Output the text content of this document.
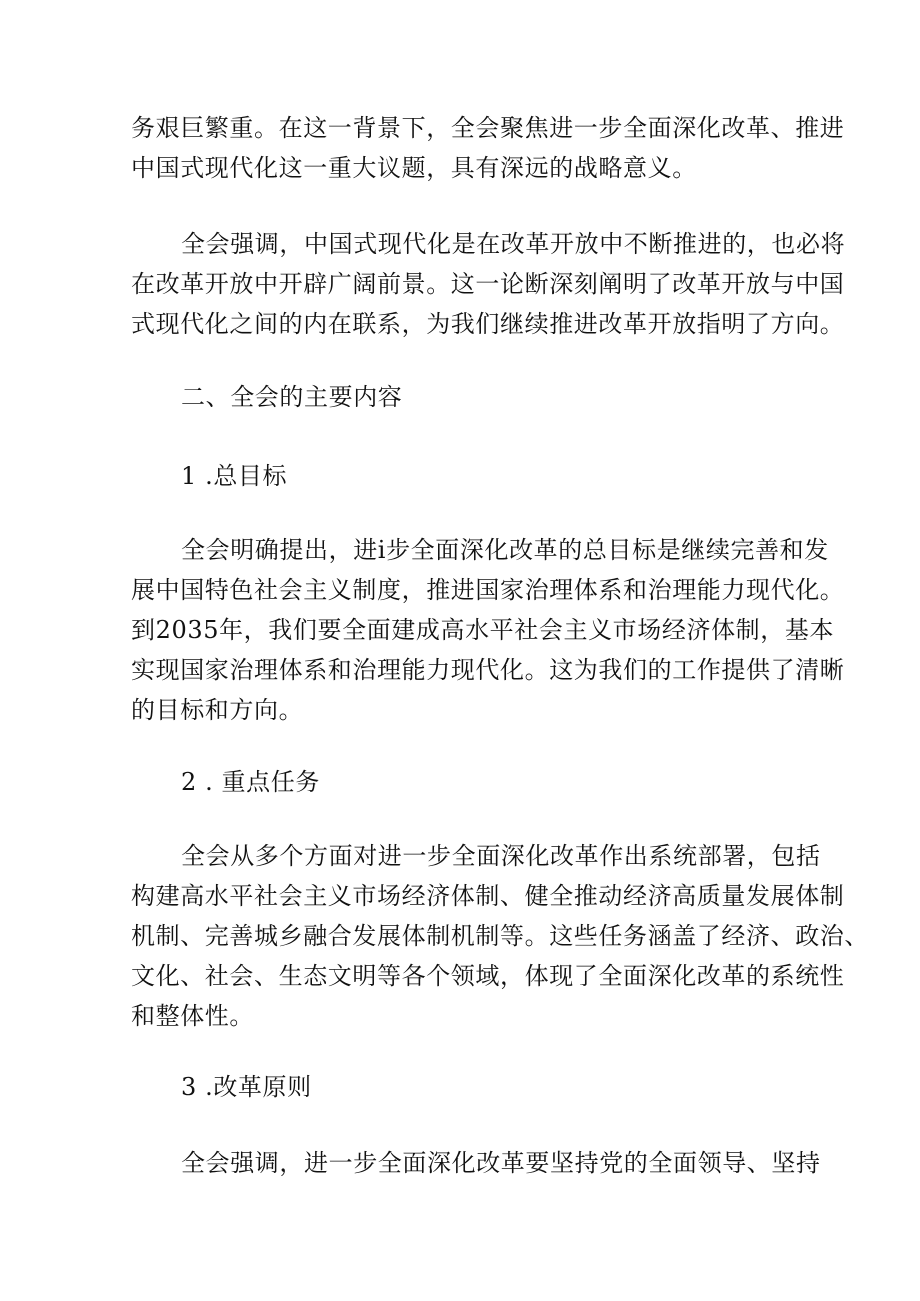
务艰巨繁重。在这一背景下，全会聚焦进一步全面深化改革、推进
中国式现代化这一重大议题，具有深远的战略意义。
全会强调，中国式现代化是在改革开放中不断推进的，也必将
在改革开放中开辟广阔前景。这一论断深刻阐明了改革开放与中国
式现代化之间的内在联系，为我们继续推进改革开放指明了方向。
二、全会的主要内容
1 .总目标
全会明确提出，进i步全面深化改革的总目标是继续完善和发
展中国特色社会主义制度，推进国家治理体系和治理能力现代化。
到2035年，我们要全面建成高水平社会主义市场经济体制，基本
实现国家治理体系和治理能力现代化。这为我们的工作提供了清晰
的目标和方向。
2 . 重点任务
全会从多个方面对进一步全面深化改革作出系统部署，包括
构建高水平社会主义市场经济体制、健全推动经济高质量发展体制
机制、完善城乡融合发展体制机制等。这些任务涵盖了经济、政治、
文化、社会、生态文明等各个领域，体现了全面深化改革的系统性
和整体性。
3 .改革原则
全会强调，进一步全面深化改革要坚持党的全面领导、坚持
